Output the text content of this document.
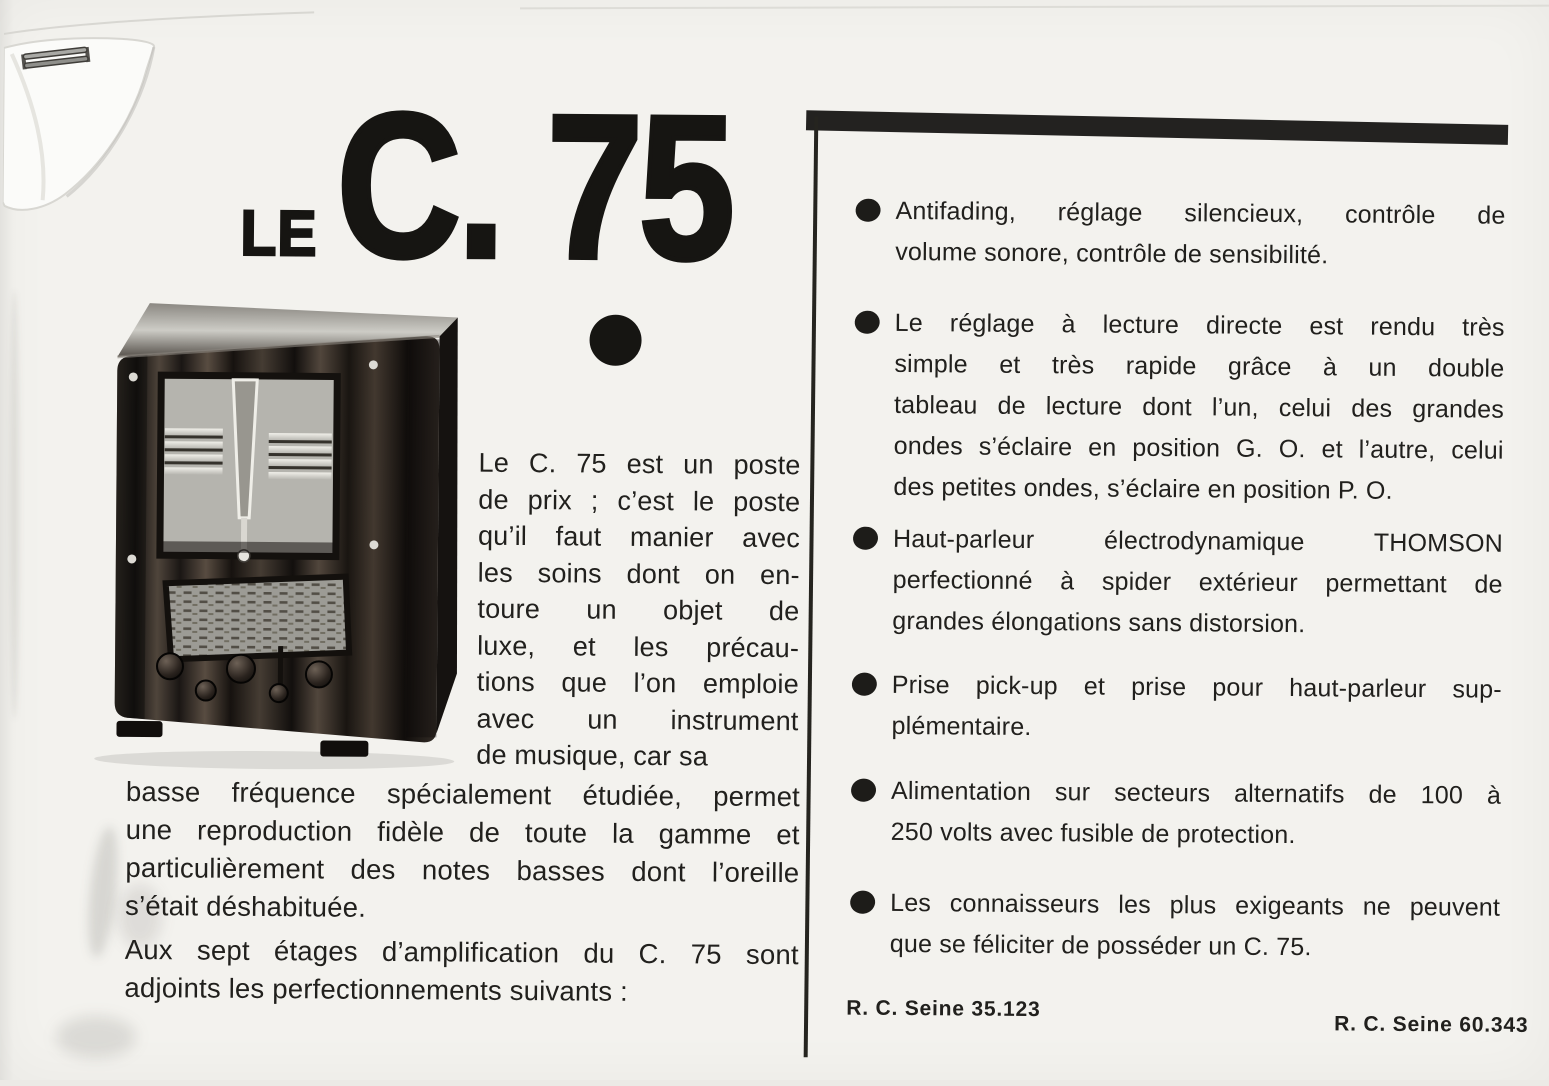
LE C. 75
Le C. 75 est un poste
de prix ; c’est le poste
qu’il faut manier avec
les soins dont on en-
toure un objet de
luxe, et les précau-
tions que l’on emploie
avec un instrument
de musique, car sa
basse fréquence spécialement étudiée, permet
une reproduction fidèle de toute la gamme et
particulièrement des notes basses dont l’oreille
s’était déshabituée.
Aux sept étages d’amplification du C. 75 sont
adjoints les perfectionnements suivants :
Antifading, réglage silencieux, contrôle de
volume sonore, contrôle de sensibilité.
Le réglage à lecture directe est rendu très
simple et très rapide grâce à un double
tableau de lecture dont l’un, celui des grandes
ondes s’éclaire en position G. O. et l’autre, celui
des petites ondes, s’éclaire en position P. O.
Haut-parleur électrodynamique THOMSON
perfectionné à spider extérieur permettant de
grandes élongations sans distorsion.
Prise pick-up et prise pour haut-parleur sup-
plémentaire.
Alimentation sur secteurs alternatifs de 100 à
250 volts avec fusible de protection.
Les connaisseurs les plus exigeants ne peuvent
que se féliciter de posséder un C. 75.
R. C. Seine 35.123
R. C. Seine 60.343
